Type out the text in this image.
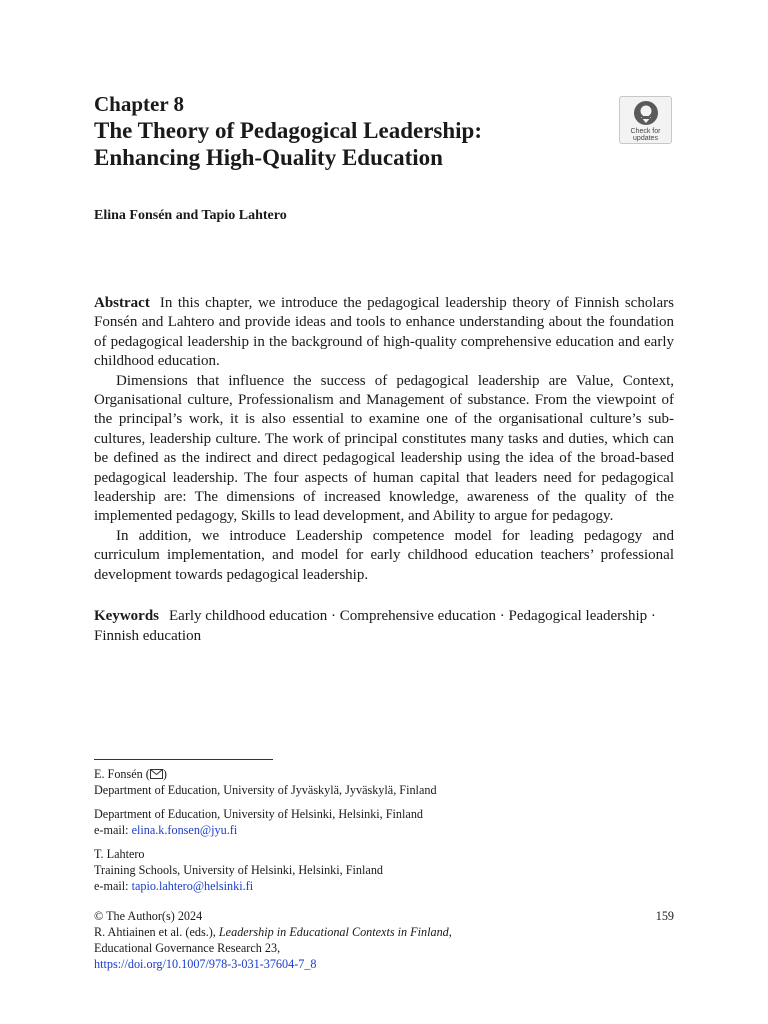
Chapter 8
The Theory of Pedagogical Leadership:
Enhancing High-Quality Education
Check for
updates
Elina Fonsén and Tapio Lahtero

Abstract In this chapter, we introduce the pedagogical leadership theory of Finnish scholars Fonsén and Lahtero and provide ideas and tools to enhance understanding about the foundation of pedagogical leadership in the background of high-quality comprehensive education and early childhood education.

Dimensions that influence the success of pedagogical leadership are Value, Context, Organisational culture, Professionalism and Management of substance. From the viewpoint of the principal’s work, it is also essential to examine one of the organisational culture’s sub-cultures, leadership culture. The work of principal constitutes many tasks and duties, which can be defined as the indirect and direct pedagogical leadership using the idea of the broad-based pedagogical leadership. The four aspects of human capital that leaders need for pedagogical leadership are: The dimensions of increased knowledge, awareness of the quality of the implemented pedagogy, Skills to lead development, and Ability to argue for pedagogy.

In addition, we introduce Leadership competence model for leading pedagogy and curriculum implementation, and model for early childhood education teachers’ professional development towards pedagogical leadership.

Keywords Early childhood education · Comprehensive education · Pedagogical leadership · Finnish education
E. Fonsén ( )
Department of Education, University of Jyväskylä, Jyväskylä, Finland
Department of Education, University of Helsinki, Helsinki, Finland
e-mail: elina.k.fonsen@jyu.fi
T. Lahtero
Training Schools, University of Helsinki, Helsinki, Finland
e-mail: tapio.lahtero@helsinki.fi
© The Author(s) 2024
R. Ahtiainen et al. (eds.), Leadership in Educational Contexts in Finland,
Educational Governance Research 23,
https://doi.org/10.1007/978-3-031-37604-7_8
159
